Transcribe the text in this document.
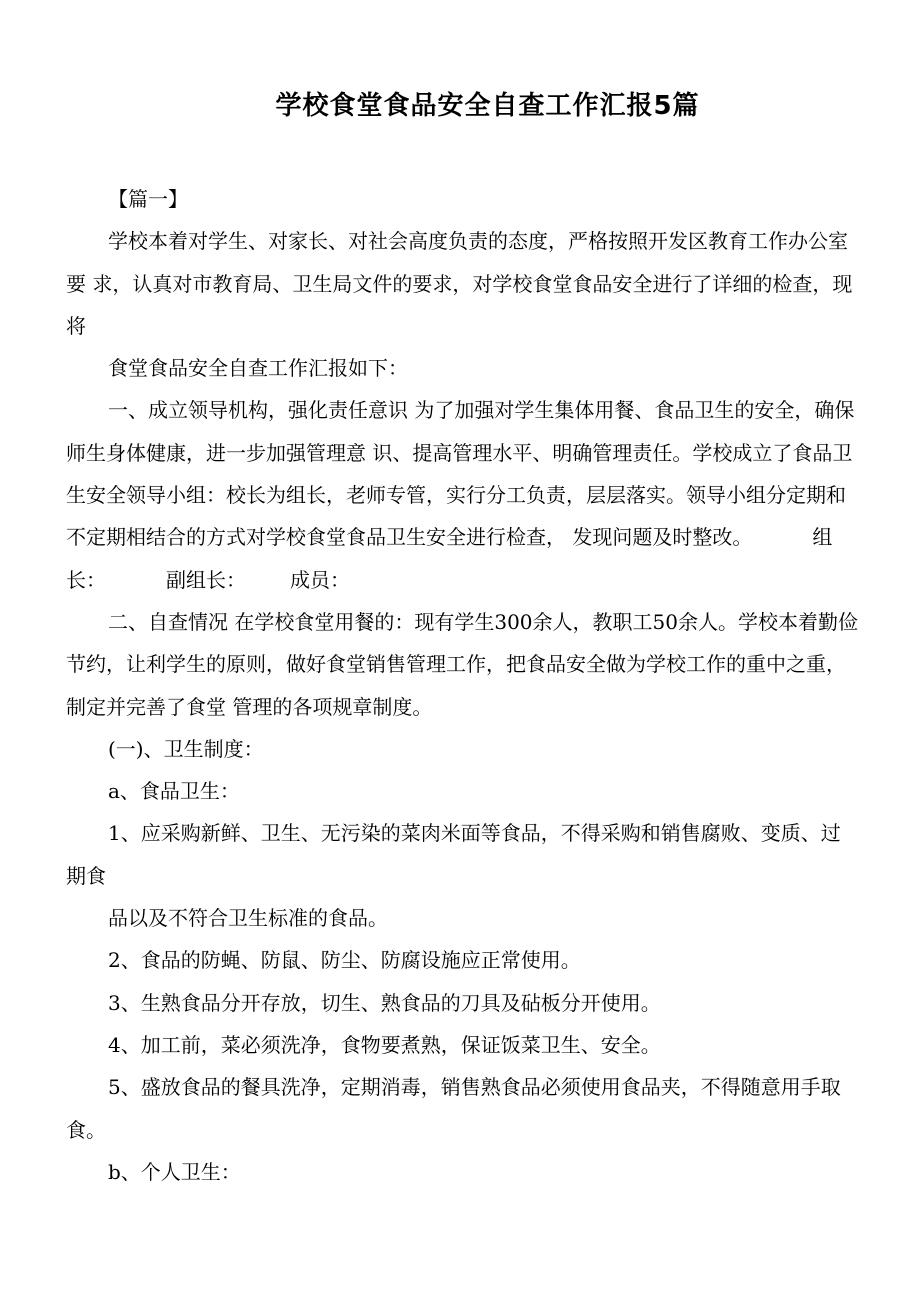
学校食堂食品安全自查工作汇报5篇

【篇一】

学校本着对学生、对家长、对社会高度负责的态度，严格按照开发区教育工作办公室要 求，认真对市教育局、卫生局文件的要求，对学校食堂食品安全进行了详细的检查，现将

食堂食品安全自查工作汇报如下：

一、成立领导机构，强化责任意识 为了加强对学生集体用餐、食品卫生的安全，确保师生身体健康，进一步加强管理意 识、提高管理水平、明确管理责任。学校成立了食品卫生安全领导小组：校长为组长，老师专管，实行分工负责，层层落实。领导小组分定期和不定期相结合的方式对学校食堂食品卫生安全进行检查， 发现问题及时整改。	组长：	副组长： 成员：

二、自查情况 在学校食堂用餐的：现有学生300余人，教职工50余人。学校本着勤俭节约，让利学生的原则，做好食堂销售管理工作，把食品安全做为学校工作的重中之重，制定并完善了食堂 管理的各项规章制度。

(一)、卫生制度：

a、食品卫生：

1、应采购新鲜、卫生、无污染的菜肉米面等食品，不得采购和销售腐败、变质、过期食

品以及不符合卫生标准的食品。

2、食品的防蝇、防鼠、防尘、防腐设施应正常使用。

3、生熟食品分开存放，切生、熟食品的刀具及砧板分开使用。

4、加工前，菜必须洗净，食物要煮熟，保证饭菜卫生、安全。

5、盛放食品的餐具洗净，定期消毒，销售熟食品必须使用食品夹，不得随意用手取食。

b、个人卫生：
